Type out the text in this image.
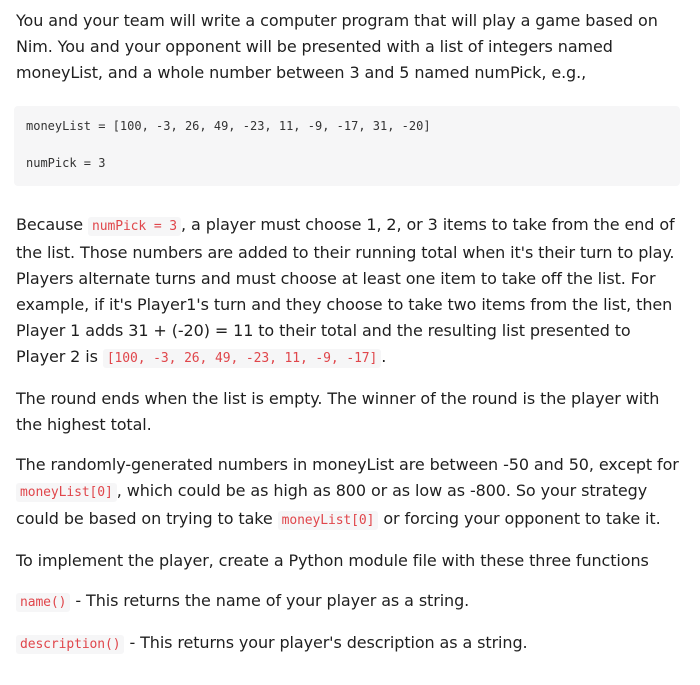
You and your team will write a computer program that will play a game based on Nim. You and your opponent will be presented with a list of integers named moneyList, and a whole number between 3 and 5 named numPick, e.g.,

moneyList = [100, -3, 26, 49, -23, 11, -9, -17, 31, -20]

numPick = 3

Because numPick = 3 , a player must choose 1, 2, or 3 items to take from the end of the list. Those numbers are added to their running total when it's their turn to play. Players alternate turns and must choose at least one item to take off the list. For example, if it's Player1's turn and they choose to take two items from the list, then Player 1 adds 31 + (-20) = 11 to their total and the resulting list presented to Player 2 is [100, -3, 26, 49, -23, 11, -9, -17] .

The round ends when the list is empty. The winner of the round is the player with the highest total.

The randomly-generated numbers in moneyList are between -50 and 50, except for moneyList[0] , which could be as high as 800 or as low as -800. So your strategy could be based on trying to take moneyList[0] or forcing your opponent to take it.

To implement the player, create a Python module file with these three functions

name() - This returns the name of your player as a string.

description() - This returns your player's description as a string.
